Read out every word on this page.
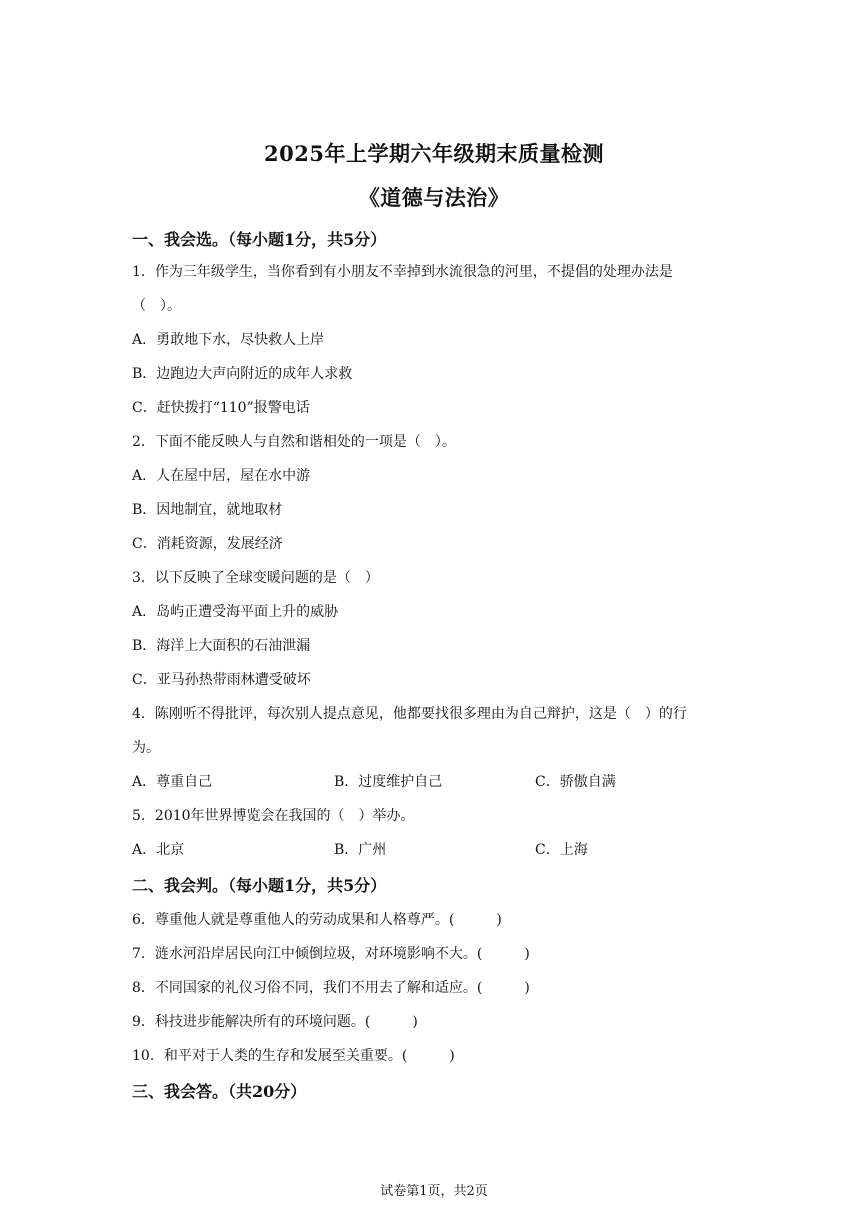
2025年上学期六年级期末质量检测
《道德与法治》
一、我会选。（每小题1分，共5分）
1．作为三年级学生，当你看到有小朋友不幸掉到水流很急的河里，不提倡的处理办法是
（　）。
A．勇敢地下水，尽快救人上岸
B．边跑边大声向附近的成年人求救
C．赶快拨打“110”报警电话
2．下面不能反映人与自然和谐相处的一项是（　）。
A．人在屋中居，屋在水中游
B．因地制宜，就地取材
C．消耗资源，发展经济
3．以下反映了全球变暖问题的是（　）
A．岛屿正遭受海平面上升的威胁
B．海洋上大面积的石油泄漏
C．亚马孙热带雨林遭受破坏
4．陈刚听不得批评，每次别人提点意见，他都要找很多理由为自己辩护，这是（　）的行
为。
A．尊重自己	B．过度维护自己	C．骄傲自满
5．2010年世界博览会在我国的（　）举办。
A．北京	B．广州	C．上海
二、我会判。（每小题1分，共5分）
6．尊重他人就是尊重他人的劳动成果和人格尊严。(　　　)
7．涟水河沿岸居民向江中倾倒垃圾，对环境影响不大。(　　　)
8．不同国家的礼仪习俗不同，我们不用去了解和适应。(　　　)
9．科技进步能解决所有的环境问题。(　　　)
10．和平对于人类的生存和发展至关重要。(　　　)
三、我会答。（共20分）
试卷第1页，共2页
